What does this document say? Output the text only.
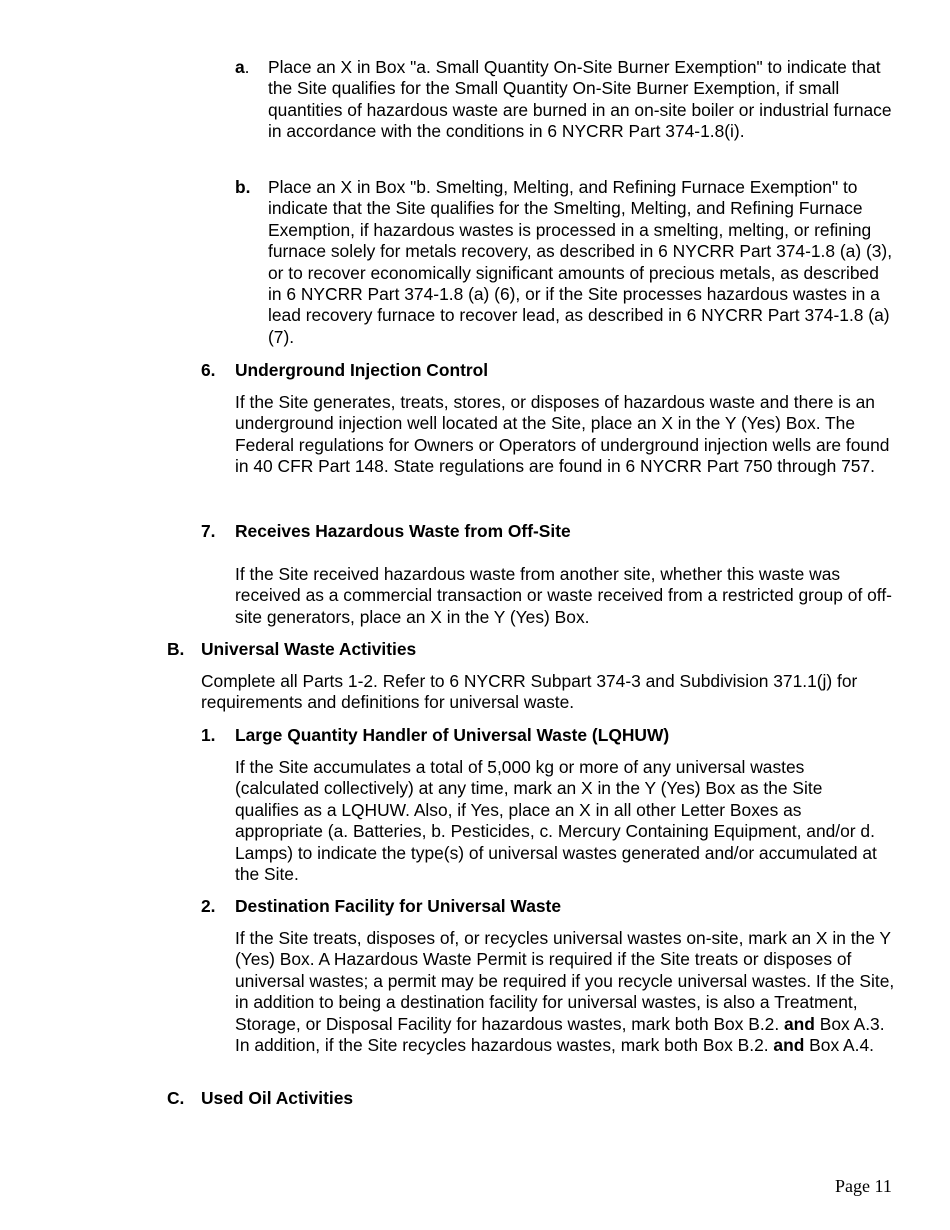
a. Place an X in Box "a. Small Quantity On-Site Burner Exemption" to indicate that the Site qualifies for the Small Quantity On-Site Burner Exemption, if small quantities of hazardous waste are burned in an on-site boiler or industrial furnace in accordance with the conditions in 6 NYCRR Part 374-1.8(i).
b. Place an X in Box "b. Smelting, Melting, and Refining Furnace Exemption" to indicate that the Site qualifies for the Smelting, Melting, and Refining Furnace Exemption, if hazardous wastes is processed in a smelting, melting, or refining furnace solely for metals recovery, as described in 6 NYCRR Part 374-1.8 (a) (3), or to recover economically significant amounts of precious metals, as described in 6 NYCRR Part 374-1.8 (a) (6), or if the Site processes hazardous wastes in a lead recovery furnace to recover lead, as described in 6 NYCRR Part 374-1.8 (a) (7).
6. Underground Injection Control
If the Site generates, treats, stores, or disposes of hazardous waste and there is an underground injection well located at the Site, place an X in the Y (Yes) Box. The Federal regulations for Owners or Operators of underground injection wells are found in 40 CFR Part 148. State regulations are found in 6 NYCRR Part 750 through 757.
7. Receives Hazardous Waste from Off-Site
If the Site received hazardous waste from another site, whether this waste was received as a commercial transaction or waste received from a restricted group of off-site generators, place an X in the Y (Yes) Box.
B. Universal Waste Activities
Complete all Parts 1-2. Refer to 6 NYCRR Subpart 374-3 and Subdivision 371.1(j) for requirements and definitions for universal waste.
1. Large Quantity Handler of Universal Waste (LQHUW)
If the Site accumulates a total of 5,000 kg or more of any universal wastes (calculated collectively) at any time, mark an X in the Y (Yes) Box as the Site qualifies as a LQHUW. Also, if Yes, place an X in all other Letter Boxes as appropriate (a. Batteries, b. Pesticides, c. Mercury Containing Equipment, and/or d. Lamps) to indicate the type(s) of universal wastes generated and/or accumulated at the Site.
2. Destination Facility for Universal Waste
If the Site treats, disposes of, or recycles universal wastes on-site, mark an X in the Y (Yes) Box. A Hazardous Waste Permit is required if the Site treats or disposes of universal wastes; a permit may be required if you recycle universal wastes. If the Site, in addition to being a destination facility for universal wastes, is also a Treatment, Storage, or Disposal Facility for hazardous wastes, mark both Box B.2. and Box A.3. In addition, if the Site recycles hazardous wastes, mark both Box B.2. and Box A.4.
C. Used Oil Activities
Page 11
